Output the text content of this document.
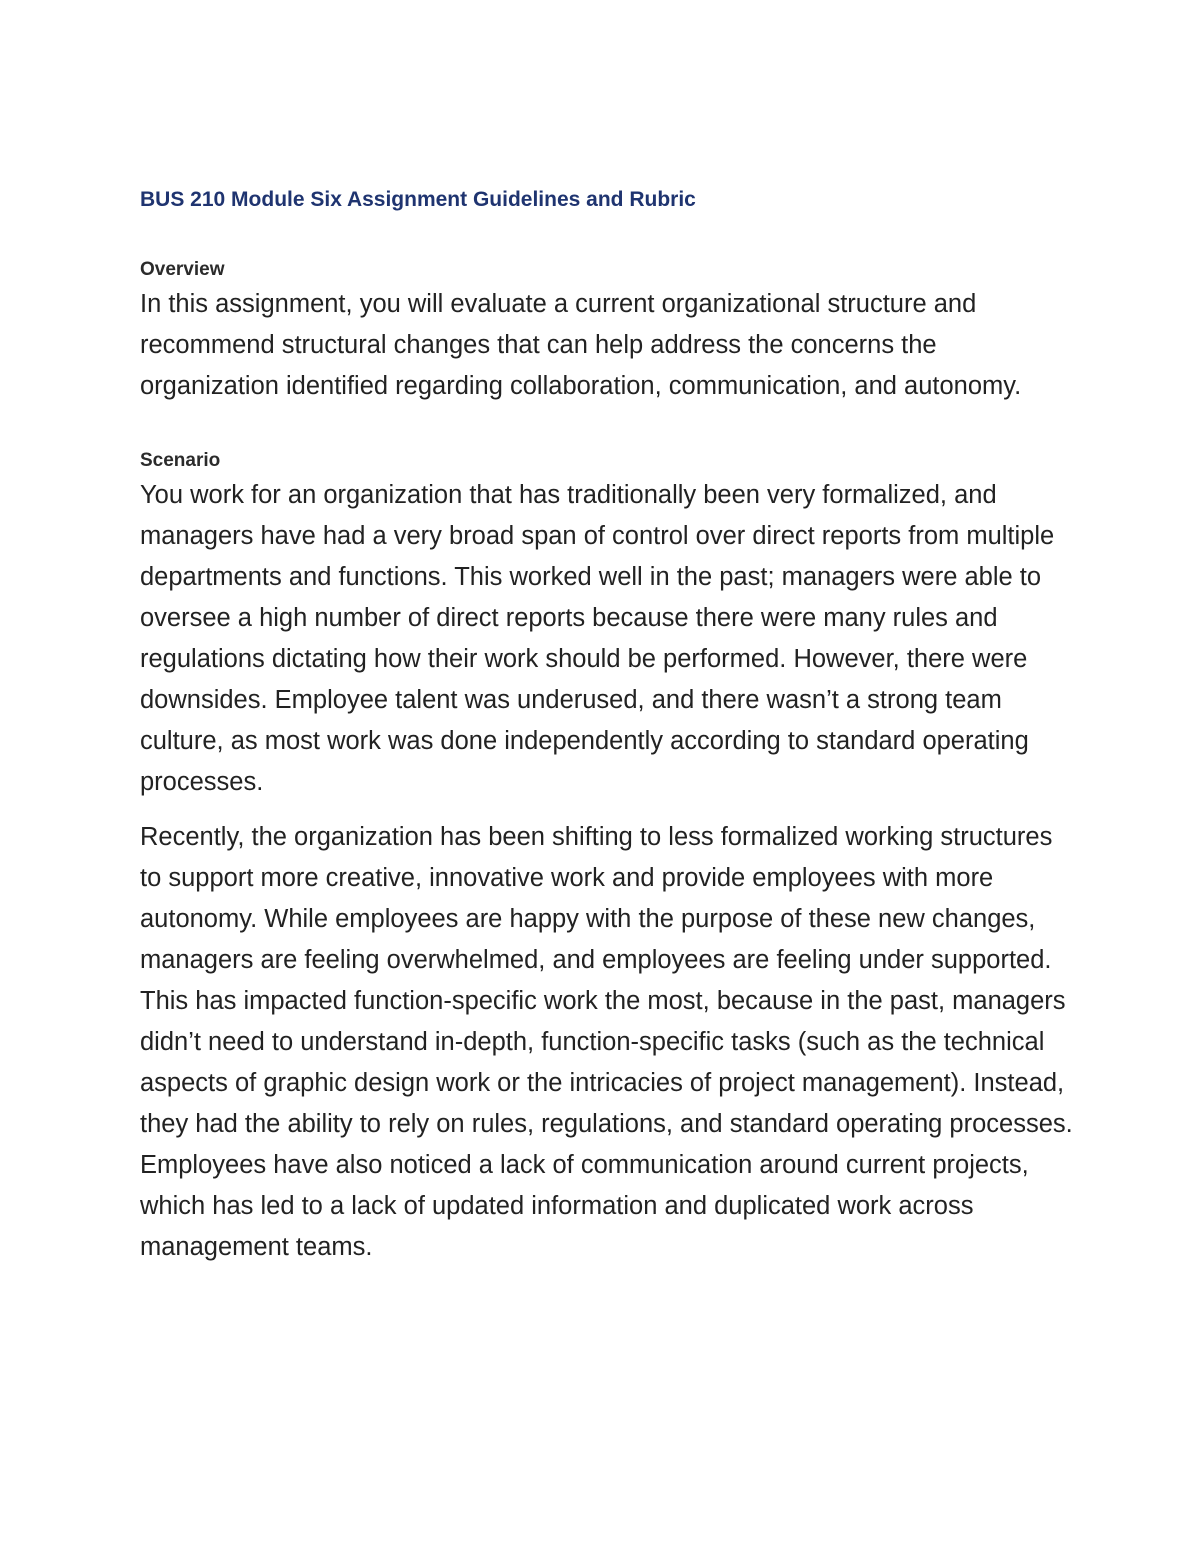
BUS 210 Module Six Assignment Guidelines and Rubric
Overview

In this assignment, you will evaluate a current organizational structure and recommend structural changes that can help address the concerns the organization identified regarding collaboration, communication, and autonomy.

Scenario

You work for an organization that has traditionally been very formalized, and managers have had a very broad span of control over direct reports from multiple departments and functions. This worked well in the past; managers were able to oversee a high number of direct reports because there were many rules and regulations dictating how their work should be performed. However, there were downsides. Employee talent was underused, and there wasn’t a strong team culture, as most work was done independently according to standard operating processes.

Recently, the organization has been shifting to less formalized working structures to support more creative, innovative work and provide employees with more autonomy. While employees are happy with the purpose of these new changes, managers are feeling overwhelmed, and employees are feeling under supported. This has impacted function-specific work the most, because in the past, managers didn’t need to understand in-depth, function-specific tasks (such as the technical aspects of graphic design work or the intricacies of project management). Instead, they had the ability to rely on rules, regulations, and standard operating processes. Employees have also noticed a lack of communication around current projects, which has led to a lack of updated information and duplicated work across management teams.
